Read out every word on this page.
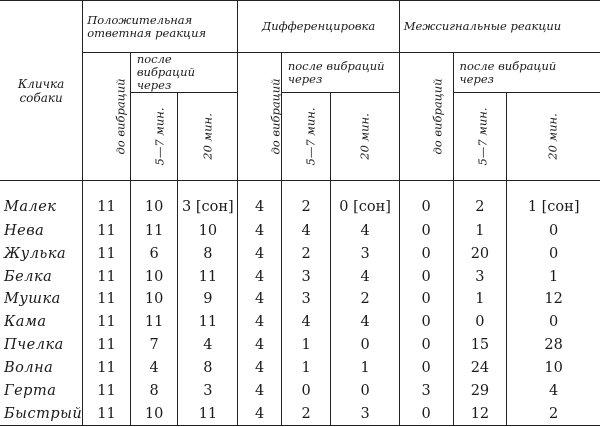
Кличка собаки	Положительная ответная реакция			Дифференцировка			Межсигнальные реакции		
	до вибраций	после вибраций через		до вибраций	после вибраций через		до вибраций	после вибраций через	
		5—7 мин.	20 мин.		5—7 мин.	20 мин.		5—7 мин.	20 мин.
Малек	11	10	3 [сон]	4	2	0 [сон]	0	2	1 [сон]
Нева	11	11	10	4	4	4	0	1	0
Жулька	11	6	8	4	2	3	0	20	0
Белка	11	10	11	4	3	4	0	3	1
Мушка	11	10	9	4	3	2	0	1	12
Кама	11	11	11	4	4	4	0	0	0
Пчелка	11	7	4	4	1	0	0	15	28
Волна	11	4	8	4	1	1	0	24	10
Герта	11	8	3	4	0	0	3	29	4
Быстрый	11	10	11	4	2	3	0	12	2
